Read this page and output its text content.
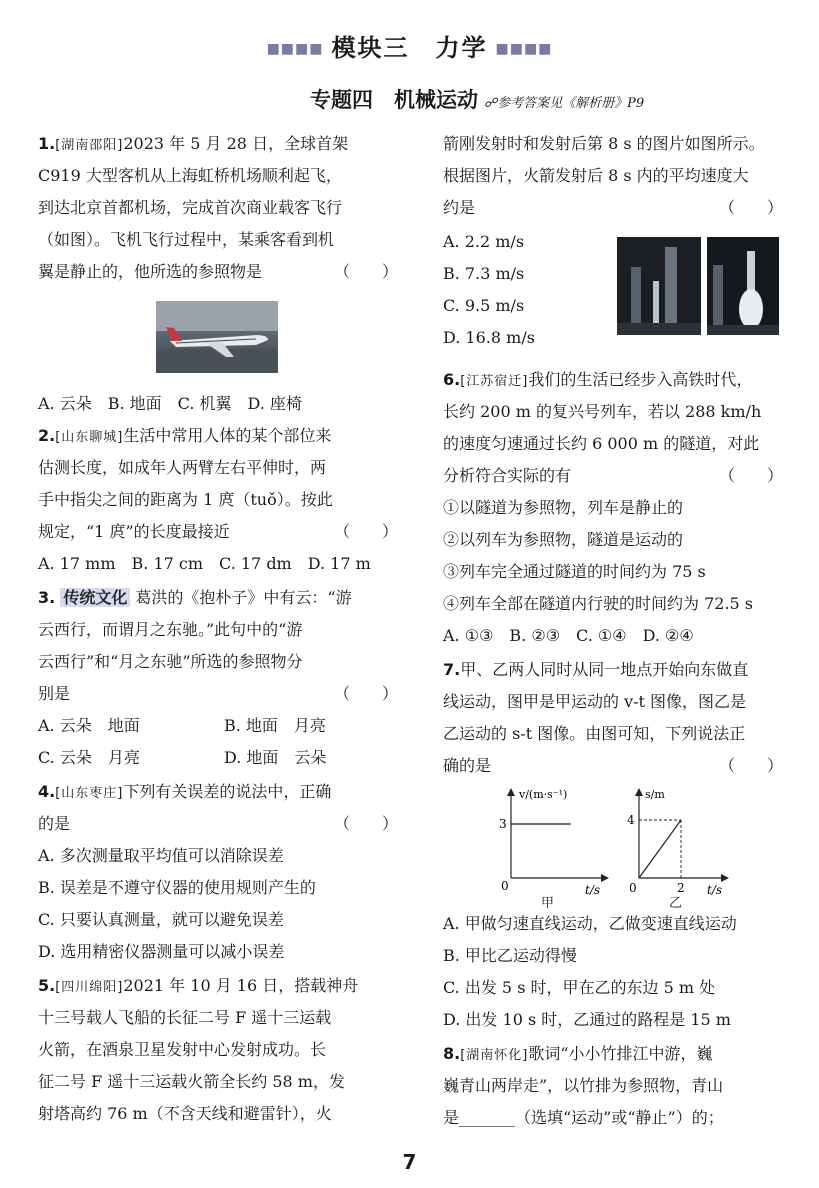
■■■■ 模块三　力学 ■■■■
专题四　机械运动 ☍参考答案见《解析册》P9
1.[湖南邵阳]2023 年 5 月 28 日，全球首架
C919 大型客机从上海虹桥机场顺利起飞，
到达北京首都机场，完成首次商业载客飞行
（如图）。飞机飞行过程中，某乘客看到机
翼是静止的，他所选的参照物是	（　　）
A. 云朵　B. 地面　C. 机翼　D. 座椅
2.[山东聊城]生活中常用人体的某个部位来
估测长度，如成年人两臂左右平伸时，两
手中指尖之间的距离为 1 庹（tuǒ）。按此
规定，“1 庹”的长度最接近	（　　）
A. 17 mm　B. 17 cm　C. 17 dm　D. 17 m
3. 传统文化 葛洪的《抱朴子》中有云：“游
云西行，而谓月之东驰。”此句中的“游
云西行”和“月之东驰”所选的参照物分
别是	（　　）
A. 云朵　地面	B. 地面　月亮
C. 云朵　月亮	D. 地面　云朵
4.[山东枣庄]下列有关误差的说法中，正确
的是	（　　）
A. 多次测量取平均值可以消除误差
B. 误差是不遵守仪器的使用规则产生的
C. 只要认真测量，就可以避免误差
D. 选用精密仪器测量可以减小误差
5.[四川绵阳]2021 年 10 月 16 日，搭载神舟
十三号载人飞船的长征二号 F 遥十三运载
火箭，在酒泉卫星发射中心发射成功。长
征二号 F 遥十三运载火箭全长约 58 m，发
射塔高约 76 m（不含天线和避雷针），火
箭刚发射时和发射后第 8 s 的图片如图所示。
根据图片，火箭发射后 8 s 内的平均速度大
约是	（　　）
A. 2.2 m/s
B. 7.3 m/s
C. 9.5 m/s
D. 16.8 m/s
6.[江苏宿迁]我们的生活已经步入高铁时代，
长约 200 m 的复兴号列车，若以 288 km/h
的速度匀速通过长约 6 000 m 的隧道，对此
分析符合实际的有	（　　）
①以隧道为参照物，列车是静止的
②以列车为参照物，隧道是运动的
③列车完全通过隧道的时间约为 75 s
④列车全部在隧道内行驶的时间约为 72.5 s
A. ①③　B. ②③　C. ①④　D. ②④
7.甲、乙两人同时从同一地点开始向东做直
线运动，图甲是甲运动的 v-t 图像，图乙是
乙运动的 s-t 图像。由图可知，下列说法正
确的是	（　　）
v/(m·s⁻¹)
3
0	t/s
甲
s/m
4
2
0	t/s
乙
A. 甲做匀速直线运动，乙做变速直线运动
B. 甲比乙运动得慢
C. 出发 5 s 时，甲在乙的东边 5 m 处
D. 出发 10 s 时，乙通过的路程是 15 m
8.[湖南怀化]歌词“小小竹排江中游，巍
巍青山两岸走”，以竹排为参照物，青山
是_______（选填“运动”或“静止”）的；
7
